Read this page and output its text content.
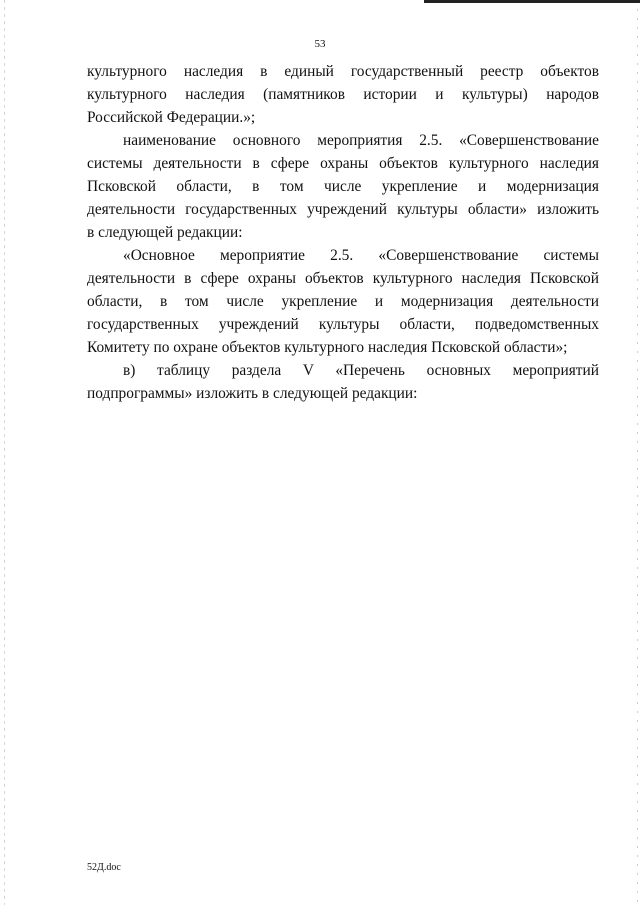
53

культурного наследия в единый государственный реестр объектов
культурного наследия (памятников истории и культуры) народов
Российской Федерации.»;

наименование основного мероприятия 2.5. «Совершенствование
системы деятельности в сфере охраны объектов культурного наследия
Псковской области, в том числе укрепление и модернизация
деятельности государственных учреждений культуры области» изложить
в следующей редакции:

«Основное мероприятие 2.5. «Совершенствование системы
деятельности в сфере охраны объектов культурного наследия Псковской
области, в том числе укрепление и модернизация деятельности
государственных учреждений культуры области, подведомственных
Комитету по охране объектов культурного наследия Псковской области»;

в) таблицу раздела V «Перечень основных мероприятий
подпрограммы» изложить в следующей редакции:

52Д.doc
